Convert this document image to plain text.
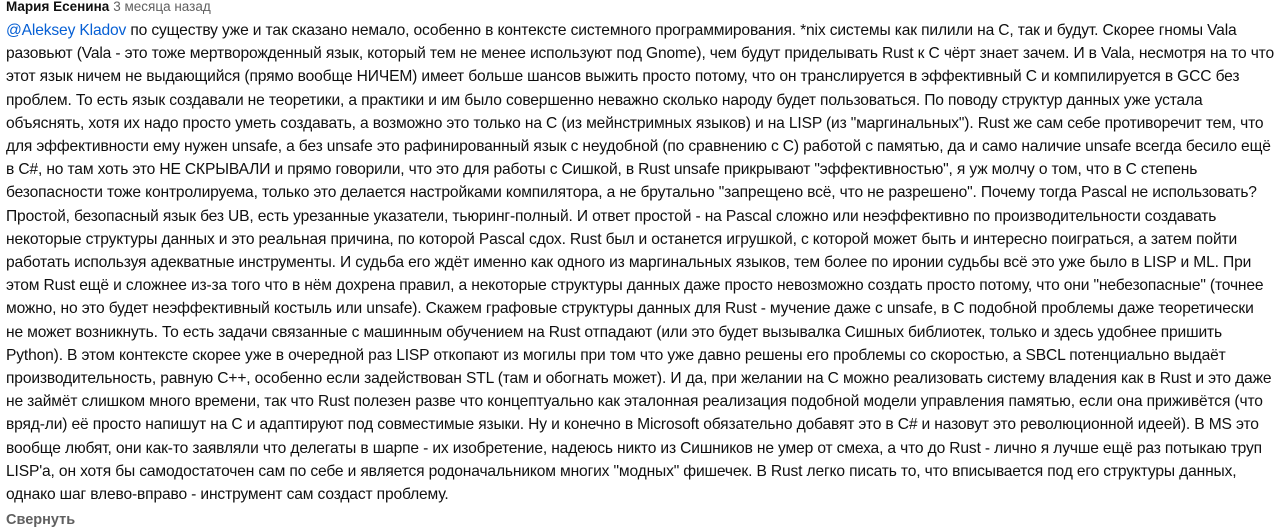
Мария Есенина 3 месяца назад
@Aleksey Kladov по существу уже и так сказано немало, особенно в контексте системного программирования. *nix системы как пилили на С, так и будут. Скорее гномы Vala разовьют (Vala - это тоже мертворожденный язык, который тем не менее используют под Gnome), чем будут приделывать Rust к С чёрт знает зачем. И в Vala, несмотря на то что этот язык ничем не выдающийся (прямо вообще НИЧЕМ) имеет больше шансов выжить просто потому, что он транслируется в эффективный С и компилируется в GCC без проблем. То есть язык создавали не теоретики, а практики и им было совершенно неважно сколько народу будет пользоваться. По поводу структур данных уже устала объяснять, хотя их надо просто уметь создавать, а возможно это только на С (из мейнстримных языков) и на LISP (из "маргинальных"). Rust же сам себе противоречит тем, что для эффективности ему нужен unsafe, а без unsafe это рафинированный язык с неудобной (по сравнению с С) работой с памятью, да и само наличие unsafe всегда бесило ещё в C#, но там хоть это НЕ СКРЫВАЛИ и прямо говорили, что это для работы с Сишкой, в Rust unsafe прикрывают "эффективностью", я уж молчу о том, что в С степень безопасности тоже контролируема, только это делается настройками компилятора, а не брутально "запрещено всё, что не разрешено". Почему тогда Pascal не использовать? Простой, безопасный язык без UB, есть урезанные указатели, тьюринг-полный. И ответ простой - на Pascal сложно или неэффективно по производительности создавать некоторые структуры данных и это реальная причина, по которой Pascal сдох. Rust был и останется игрушкой, с которой может быть и интересно поиграться, а затем пойти работать используя адекватные инструменты. И судьба его ждёт именно как одного из маргинальных языков, тем более по иронии судьбы всё это уже было в LISP и ML. При этом Rust ещё и сложнее из-за того что в нём дохрена правил, а некоторые структуры данных даже просто невозможно создать просто потому, что они "небезопасные" (точнее можно, но это будет неэффективный костыль или unsafe). Скажем графовые структуры данных для Rust - мучение даже с unsafe, в С подобной проблемы даже теоретически не может возникнуть. То есть задачи связанные с машинным обучением на Rust отпадают (или это будет вызывалка Сишных библиотек, только и здесь удобнее пришить Python). В этом контексте скорее уже в очередной раз LISP откопают из могилы при том что уже давно решены его проблемы со скоростью, а SBCL потенциально выдаёт производительность, равную C++, особенно если задействован STL (там и обогнать может). И да, при желании на С можно реализовать систему владения как в Rust и это даже не займёт слишком много времени, так что Rust полезен разве что концептуально как эталонная реализация подобной модели управления памятью, если она приживётся (что вряд-ли) её просто напишут на С и адаптируют под совместимые языки. Ну и конечно в Microsoft обязательно добавят это в C# и назовут это революционной идеей). В MS это вообще любят, они как-то заявляли что делегаты в шарпе - их изобретение, надеюсь никто из Сишников не умер от смеха, а что до Rust - лично я лучше ещё раз потыкаю труп LISP'а, он хотя бы самодостаточен сам по себе и является родоначальником многих "модных" фишечек. В Rust легко писать то, что вписывается под его структуры данных, однако шаг влево-вправо - инструмент сам создаст проблему.
Свернуть
